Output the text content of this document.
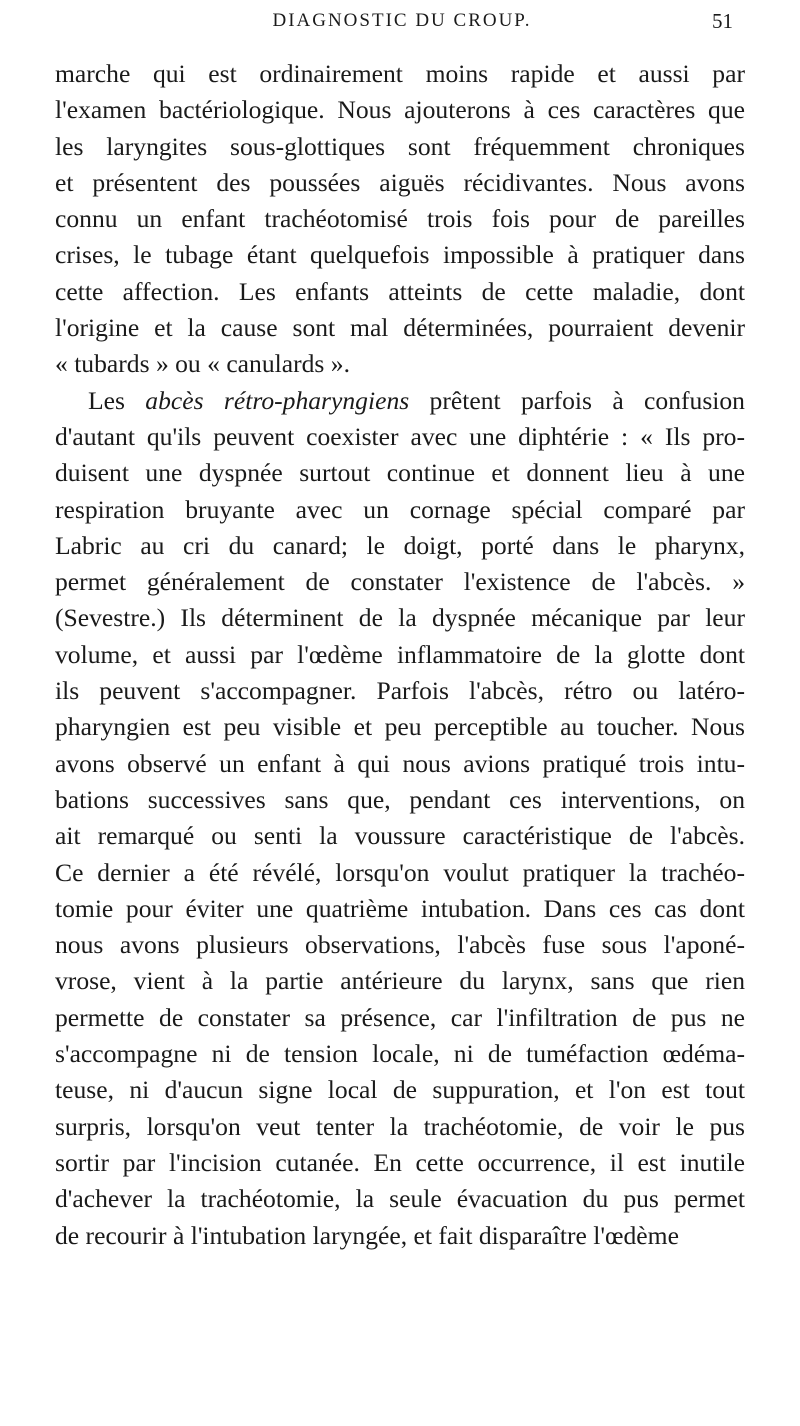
DIAGNOSTIC DU CROUP.	51
marche qui est ordinairement moins rapide et aussi par
l'examen bactériologique. Nous ajouterons à ces caractères que
les laryngites sous-glottiques sont fréquemment chroniques
et présentent des poussées aiguës récidivantes. Nous avons
connu un enfant trachéotomisé trois fois pour de pareilles
crises, le tubage étant quelquefois impossible à pratiquer dans
cette affection. Les enfants atteints de cette maladie, dont
l'origine et la cause sont mal déterminées, pourraient devenir
« tubards » ou « canulards ».
Les abcès rétro-pharyngiens prêtent parfois à confusion
d'autant qu'ils peuvent coexister avec une diphtérie : « Ils pro-
duisent une dyspnée surtout continue et donnent lieu à une
respiration bruyante avec un cornage spécial comparé par
Labric au cri du canard; le doigt, porté dans le pharynx,
permet généralement de constater l'existence de l'abcès. »
(Sevestre.) Ils déterminent de la dyspnée mécanique par leur
volume, et aussi par l'œdème inflammatoire de la glotte dont
ils peuvent s'accompagner. Parfois l'abcès, rétro ou latéro-
pharyngien est peu visible et peu perceptible au toucher. Nous
avons observé un enfant à qui nous avions pratiqué trois intu-
bations successives sans que, pendant ces interventions, on
ait remarqué ou senti la voussure caractéristique de l'abcès.
Ce dernier a été révélé, lorsqu'on voulut pratiquer la trachéo-
tomie pour éviter une quatrième intubation. Dans ces cas dont
nous avons plusieurs observations, l'abcès fuse sous l'aponé-
vrose, vient à la partie antérieure du larynx, sans que rien
permette de constater sa présence, car l'infiltration de pus ne
s'accompagne ni de tension locale, ni de tuméfaction œdéma-
teuse, ni d'aucun signe local de suppuration, et l'on est tout
surpris, lorsqu'on veut tenter la trachéotomie, de voir le pus
sortir par l'incision cutanée. En cette occurrence, il est inutile
d'achever la trachéotomie, la seule évacuation du pus permet
de recourir à l'intubation laryngée, et fait disparaître l'œdème
